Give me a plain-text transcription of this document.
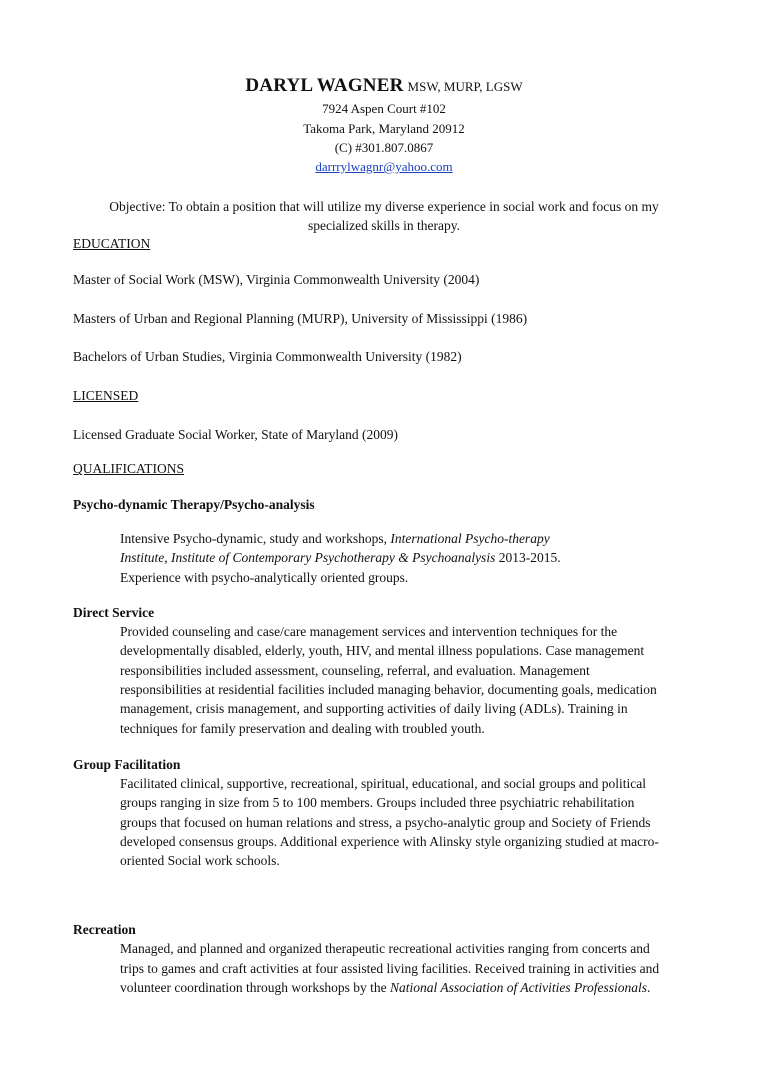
DARYL WAGNER MSW, MURP, LGSW
7924 Aspen Court #102
Takoma Park, Maryland 20912
(C) #301.807.0867
darrrylwagnr@yahoo.com
Objective: To obtain a position that will utilize my diverse experience in social work and focus on my
specialized skills in therapy.
EDUCATION
Master of Social Work (MSW), Virginia Commonwealth University (2004)
Masters of Urban and Regional Planning (MURP), University of Mississippi (1986)
Bachelors of Urban Studies, Virginia Commonwealth University (1982)
LICENSED
Licensed Graduate Social Worker, State of Maryland (2009)
QUALIFICATIONS
Psycho-dynamic Therapy/Psycho-analysis
Intensive Psycho-dynamic, study and workshops, International Psycho-therapy
Institute, Institute of Contemporary Psychotherapy & Psychoanalysis 2013-2015.
Experience with psycho-analytically oriented groups.
Direct Service
Provided counseling and case/care management services and intervention techniques for the
developmentally disabled, elderly, youth, HIV, and mental illness populations. Case management
responsibilities included assessment, counseling, referral, and evaluation. Management
responsibilities at residential facilities included managing behavior, documenting goals, medication
management, crisis management, and supporting activities of daily living (ADLs). Training in
techniques for family preservation and dealing with troubled youth.
Group Facilitation
Facilitated clinical, supportive, recreational, spiritual, educational, and social groups and political
groups ranging in size from 5 to 100 members. Groups included three psychiatric rehabilitation
groups that focused on human relations and stress, a psycho-analytic group and Society of Friends
developed consensus groups. Additional experience with Alinsky style organizing studied at macro-
oriented Social work schools.
Recreation
Managed, and planned and organized therapeutic recreational activities ranging from concerts and
trips to games and craft activities at four assisted living facilities. Received training in activities and
volunteer coordination through workshops by the National Association of Activities Professionals.
